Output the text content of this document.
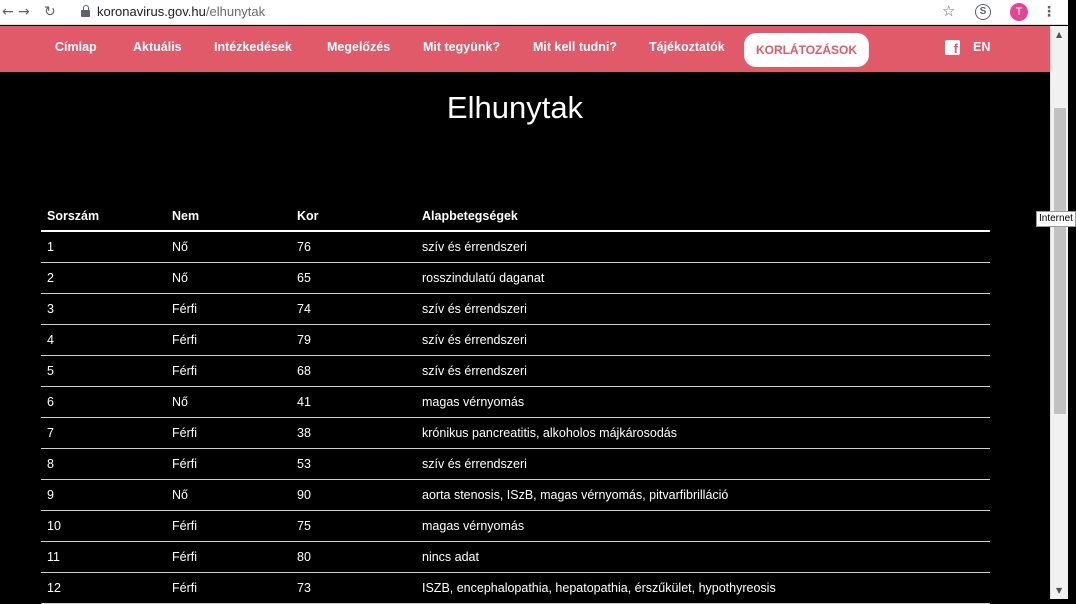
← → ↻	koronavirus.gov.hu/elhunytak	☆	S	T	⋮
Címlap	Aktuális	Intézkedések	Megelőzés	Mit tegyünk?	Mit kell tudni?	Tájékoztatók	KORLÁTOZÁSOK	f EN
Elhunytak
Sorszám	Nem	Kor	Alapbetegségek
1	Nő	76	szív és érrendszeri
2	Nő	65	rosszindulatú daganat
3	Férfi	74	szív és érrendszeri
4	Férfi	79	szív és érrendszeri
5	Férfi	68	szív és érrendszeri
6	Nő	41	magas vérnyomás
7	Férfi	38	krónikus pancreatitis, alkoholos májkárosodás
8	Férfi	53	szív és érrendszeri
9	Nő	90	aorta stenosis, ISzB, magas vérnyomás, pitvarfibrilláció
10	Férfi	75	magas vérnyomás
11	Férfi	80	nincs adat
12	Férfi	73	ISZB, encephalopathia, hepatopathia, érszűkület, hypothyreosis
▲
▼
Internet
